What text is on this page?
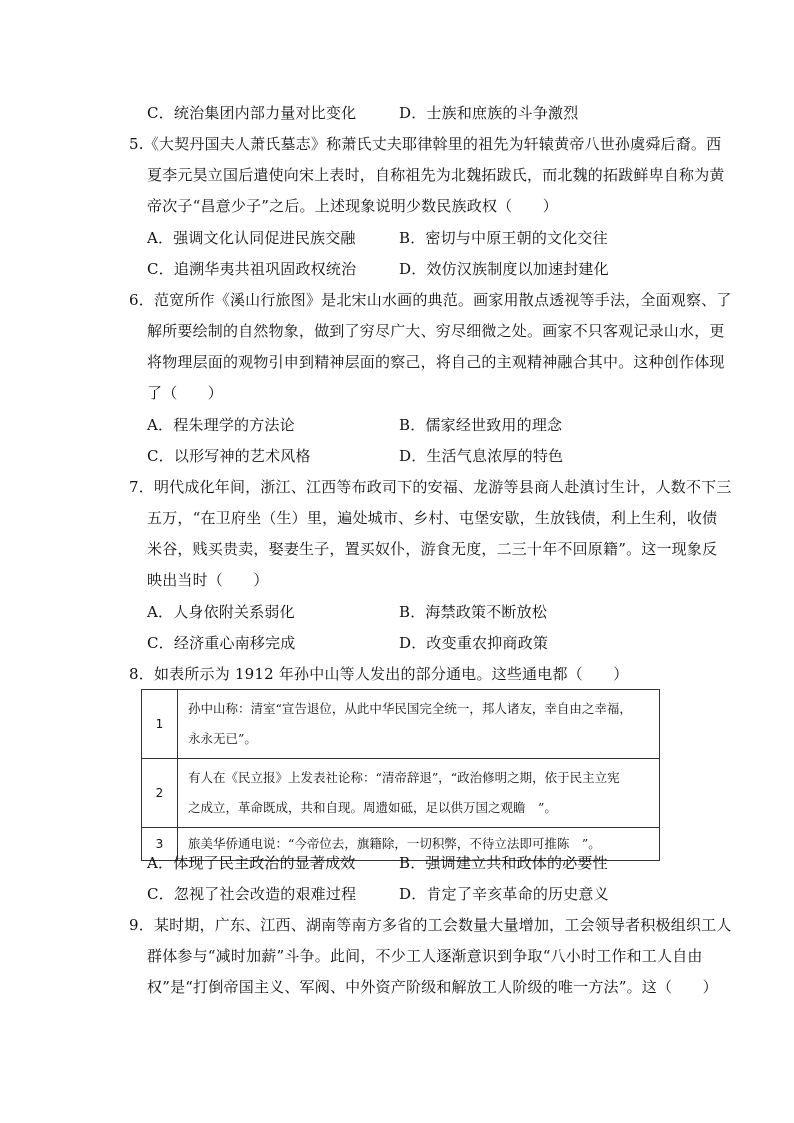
C．统治集团内部力量对比变化	D．士族和庶族的斗争激烈
5.《大契丹国夫人萧氏墓志》称萧氏丈夫耶律斡里的祖先为轩辕黄帝八世孙虞舜后裔。西
夏李元昊立国后遣使向宋上表时，自称祖先为北魏拓跋氏，而北魏的拓跋鲜卑自称为黄
帝次子“昌意少子”之后。上述现象说明少数民族政权（　　）
A．强调文化认同促进民族交融	B．密切与中原王朝的文化交往
C．追溯华夷共祖巩固政权统治	D．效仿汉族制度以加速封建化
6．范宽所作《溪山行旅图》是北宋山水画的典范。画家用散点透视等手法，全面观察、了
解所要绘制的自然物象，做到了穷尽广大、穷尽细微之处。画家不只客观记录山水，更
将物理层面的观物引申到精神层面的察己，将自己的主观精神融合其中。这种创作体现
了（　　）
A．程朱理学的方法论	B．儒家经世致用的理念
C．以形写神的艺术风格	D．生活气息浓厚的特色
7．明代成化年间，浙江、江西等布政司下的安福、龙游等县商人赴滇讨生计，人数不下三
五万，“在卫府坐（生）里，遍处城市、乡村、屯堡安歇，生放钱债，利上生利，收债
米谷，贱买贵卖，娶妻生子，置买奴仆，游食无度，二三十年不回原籍”。这一现象反
映出当时（　　）
A．人身依附关系弱化	B．海禁政策不断放松
C．经济重心南移完成	D．改变重农抑商政策
8．如表所示为 1912 年孙中山等人发出的部分通电。这些通电都（　　）
1	孙中山称：清室“宣告退位，从此中华民国完全统一，邦人诸友，幸自由之幸福，
永永无已”。

2	有人在《民立报》上发表社论称：“清帝辞退”，“政治修明之期，依于民主立宪
之成立，革命既成，共和自现。周遗如砥，足以供万国之观瞻　”。

3	旅美华侨通电说：“今帝位去，旗籍除，一切积弊，不待立法即可推陈　”。
A．体现了民主政治的显著成效	B．强调建立共和政体的必要性
C．忽视了社会改造的艰难过程	D．肯定了辛亥革命的历史意义
9．某时期，广东、江西、湖南等南方多省的工会数量大量增加，工会领导者积极组织工人
群体参与“减时加薪”斗争。此间，不少工人逐渐意识到争取“八小时工作和工人自由
权”是“打倒帝国主义、军阀、中外资产阶级和解放工人阶级的唯一方法”。这（　　）
